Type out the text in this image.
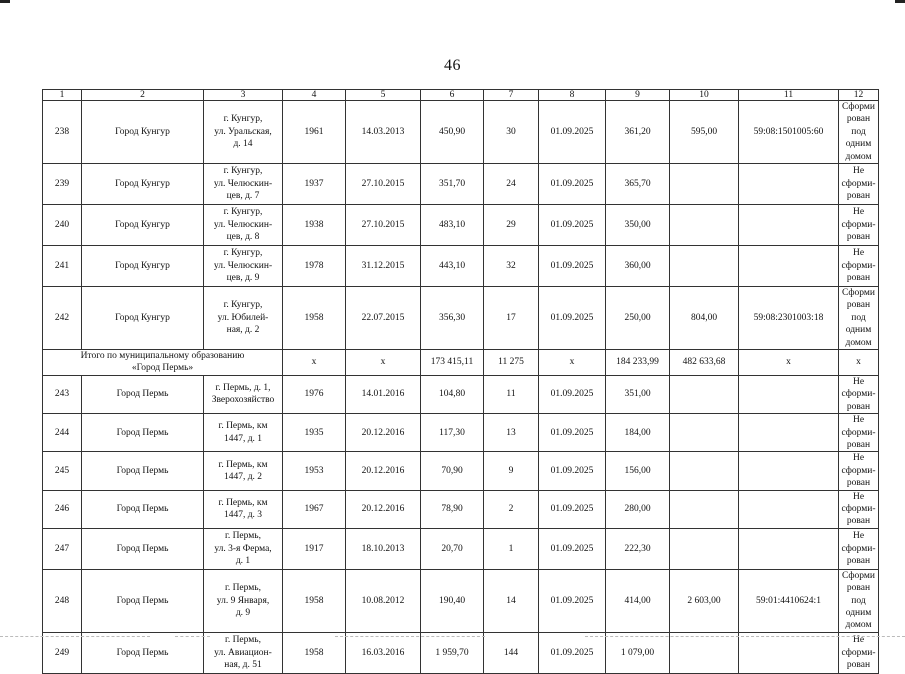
46
1	2	3	4	5	6	7	8	9	10	11	12
238	Город Кунгур	г. Кунгур,
ул. Уральская,
д. 14	1961	14.03.2013	450,90	30	01.09.2025	361,20	595,00	59:08:1501005:60	Сформирован
под одним
домом
239	Город Кунгур	г. Кунгур,
ул. Челюскин-
цев, д. 7	1937	27.10.2015	351,70	24	01.09.2025	365,70			Не сформи-
рован
240	Город Кунгур	г. Кунгур,
ул. Челюскин-
цев, д. 8	1938	27.10.2015	483,10	29	01.09.2025	350,00			Не сформи-
рован
241	Город Кунгур	г. Кунгур,
ул. Челюскин-
цев, д. 9	1978	31.12.2015	443,10	32	01.09.2025	360,00			Не сформи-
рован
242	Город Кунгур	г. Кунгур,
ул. Юбилей-
ная, д. 2	1958	22.07.2015	356,30	17	01.09.2025	250,00	804,00	59:08:2301003:18	Сформирован
под одним
домом
Итого по муниципальному образованию
«Город Пермь»			х	х	173 415,11	11 275	х	184 233,99	482 633,68	х	х
243	Город Пермь	г. Пермь, д. 1,
Зверохозяйство	1976	14.01.2016	104,80	11	01.09.2025	351,00			Не сформи-
рован
244	Город Пермь	г. Пермь, км
1447, д. 1	1935	20.12.2016	117,30	13	01.09.2025	184,00			Не сформи-
рован
245	Город Пермь	г. Пермь, км
1447, д. 2	1953	20.12.2016	70,90	9	01.09.2025	156,00			Не сформи-
рован
246	Город Пермь	г. Пермь, км
1447, д. 3	1967	20.12.2016	78,90	2	01.09.2025	280,00			Не сформи-
рован
247	Город Пермь	г. Пермь,
ул. 3-я Ферма,
д. 1	1917	18.10.2013	20,70	1	01.09.2025	222,30			Не сформи-
рован
248	Город Пермь	г. Пермь,
ул. 9 Января,
д. 9	1958	10.08.2012	190,40	14	01.09.2025	414,00	2 603,00	59:01:4410624:1	Сформирован
под одним
домом
249	Город Пермь	г. Пермь,
ул. Авиацион-
ная, д. 51	1958	16.03.2016	1 959,70	144	01.09.2025	1 079,00			Не сформи-
рован
